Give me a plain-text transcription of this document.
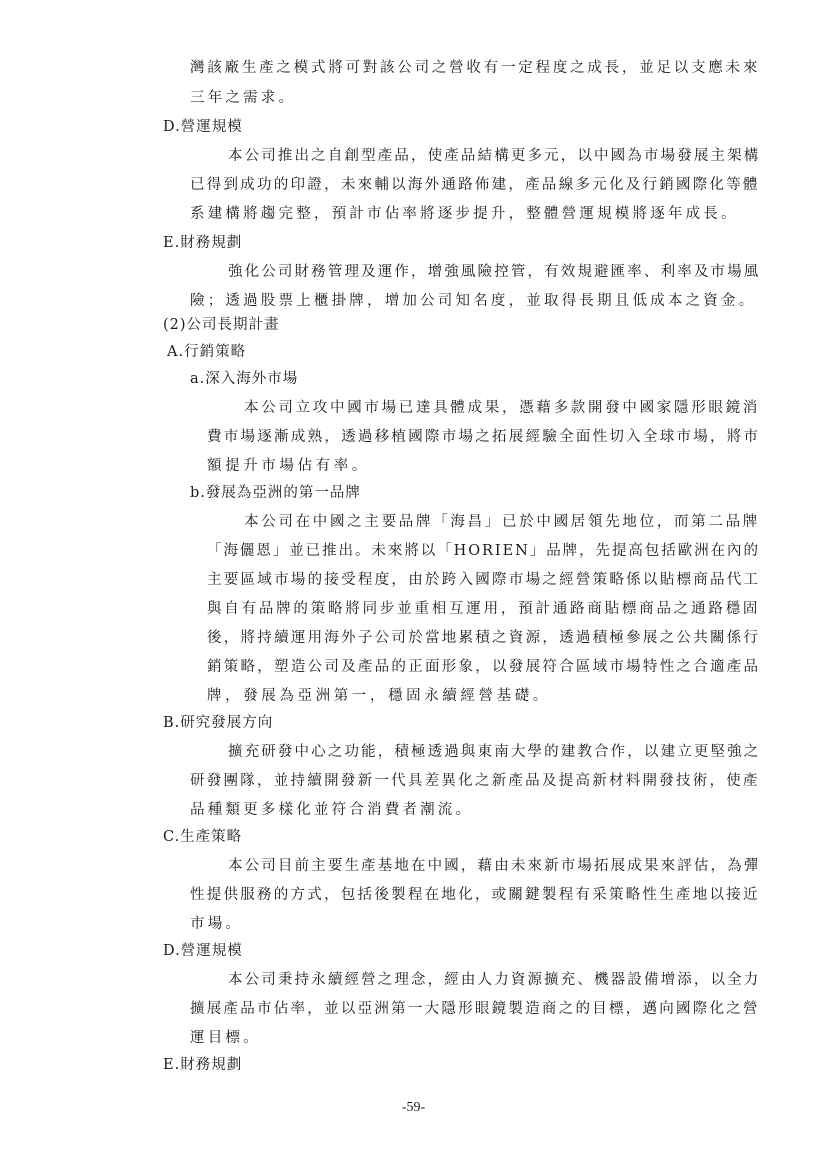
灣該廠生產之模式將可對該公司之營收有一定程度之成長，並足以支應未來
三年之需求。
D.營運規模
本公司推出之自創型產品，使產品結構更多元，以中國為市場發展主架構
已得到成功的印證，未來輔以海外通路佈建，產品線多元化及行銷國際化等體
系建構將趨完整，預計市佔率將逐步提升，整體營運規模將逐年成長。
E.財務規劃
強化公司財務管理及運作，增強風險控管，有效規避匯率、利率及市場風
險；透過股票上櫃掛牌，增加公司知名度，並取得長期且低成本之資金。
(2)公司長期計畫
A.行銷策略
a.深入海外市場
本公司立攻中國市場已達具體成果，憑藉多款開發中國家隱形眼鏡消
費市場逐漸成熟，透過移植國際市場之拓展經驗全面性切入全球市場，將市
額提升市場佔有率。
b.發展為亞洲的第一品牌
本公司在中國之主要品牌「海昌」已於中國居領先地位，而第二品牌
「海儷恩」並已推出。未來將以「HORIEN」品牌，先提高包括歐洲在內的
主要區域市場的接受程度，由於跨入國際市場之經營策略係以貼標商品代工
與自有品牌的策略將同步並重相互運用，預計通路商貼標商品之通路穩固
後，將持續運用海外子公司於當地累積之資源，透過積極參展之公共關係行
銷策略，塑造公司及產品的正面形象，以發展符合區域市場特性之合適產品
牌，發展為亞洲第一，穩固永續經營基礎。
B.研究發展方向
擴充研發中心之功能，積極透過與東南大學的建教合作，以建立更堅強之
研發團隊，並持續開發新一代具差異化之新產品及提高新材料開發技術，使產
品種類更多樣化並符合消費者潮流。
C.生產策略
本公司目前主要生產基地在中國，藉由未來新市場拓展成果來評估，為彈
性提供服務的方式，包括後製程在地化，或關鍵製程有采策略性生產地以接近
市場。
D.營運規模
本公司秉持永續經營之理念，經由人力資源擴充、機器設備增添，以全力
擴展產品市佔率，並以亞洲第一大隱形眼鏡製造商之的目標，邁向國際化之營
運目標。
E.財務規劃
-59-
